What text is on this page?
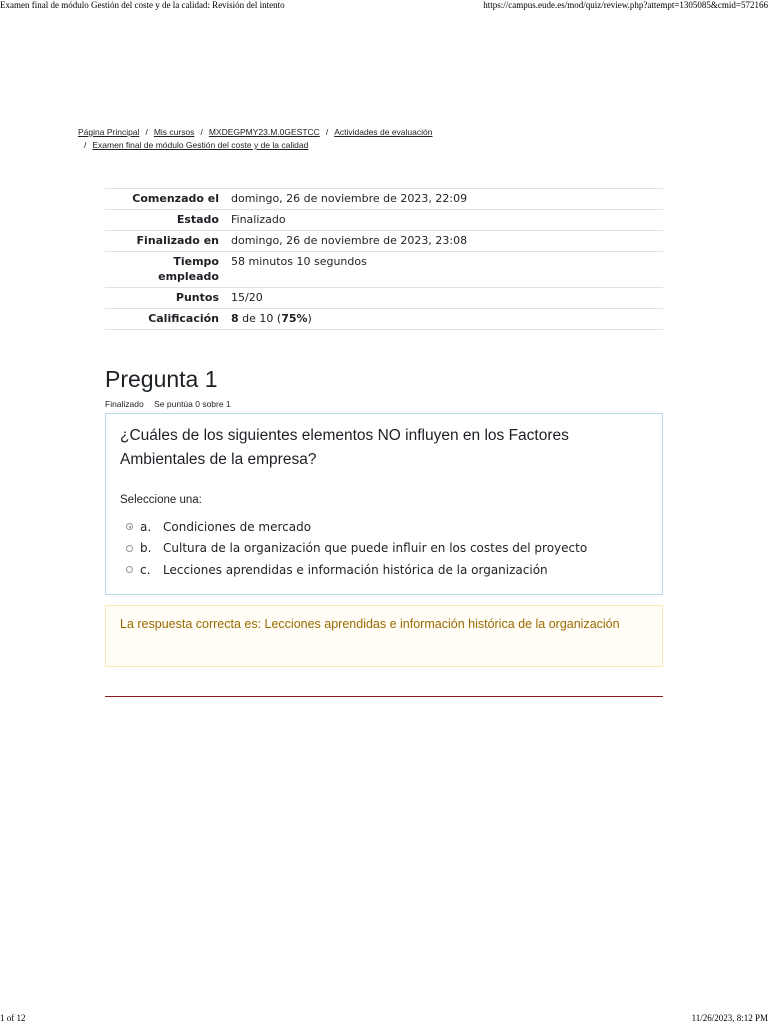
Examen final de módulo Gestión del coste y de la calidad: Revisión del intento	https://campus.eude.es/mod/quiz/review.php?attempt=1305085&cmid=572166
Página Principal / Mis cursos / MXDEGPMY23.M.0GESTCC / Actividades de evaluación
/ Examen final de módulo Gestión del coste y de la calidad
Comenzado el	domingo, 26 de noviembre de 2023, 22:09
Estado	Finalizado
Finalizado en	domingo, 26 de noviembre de 2023, 23:08
Tiempo empleado	58 minutos 10 segundos
Puntos	15/20
Calificación	8 de 10 (75%)
Pregunta 1
Finalizado Se puntúa 0 sobre 1
¿Cuáles de los siguientes elementos NO influyen en los Factores Ambientales de la empresa?
Seleccione una:
a. Condiciones de mercado
b. Cultura de la organización que puede influir en los costes del proyecto
c.	Lecciones aprendidas e información histórica de la organización
La respuesta correcta es: Lecciones aprendidas e información histórica de la organización
1 of 12	11/26/2023, 8:12 PM
